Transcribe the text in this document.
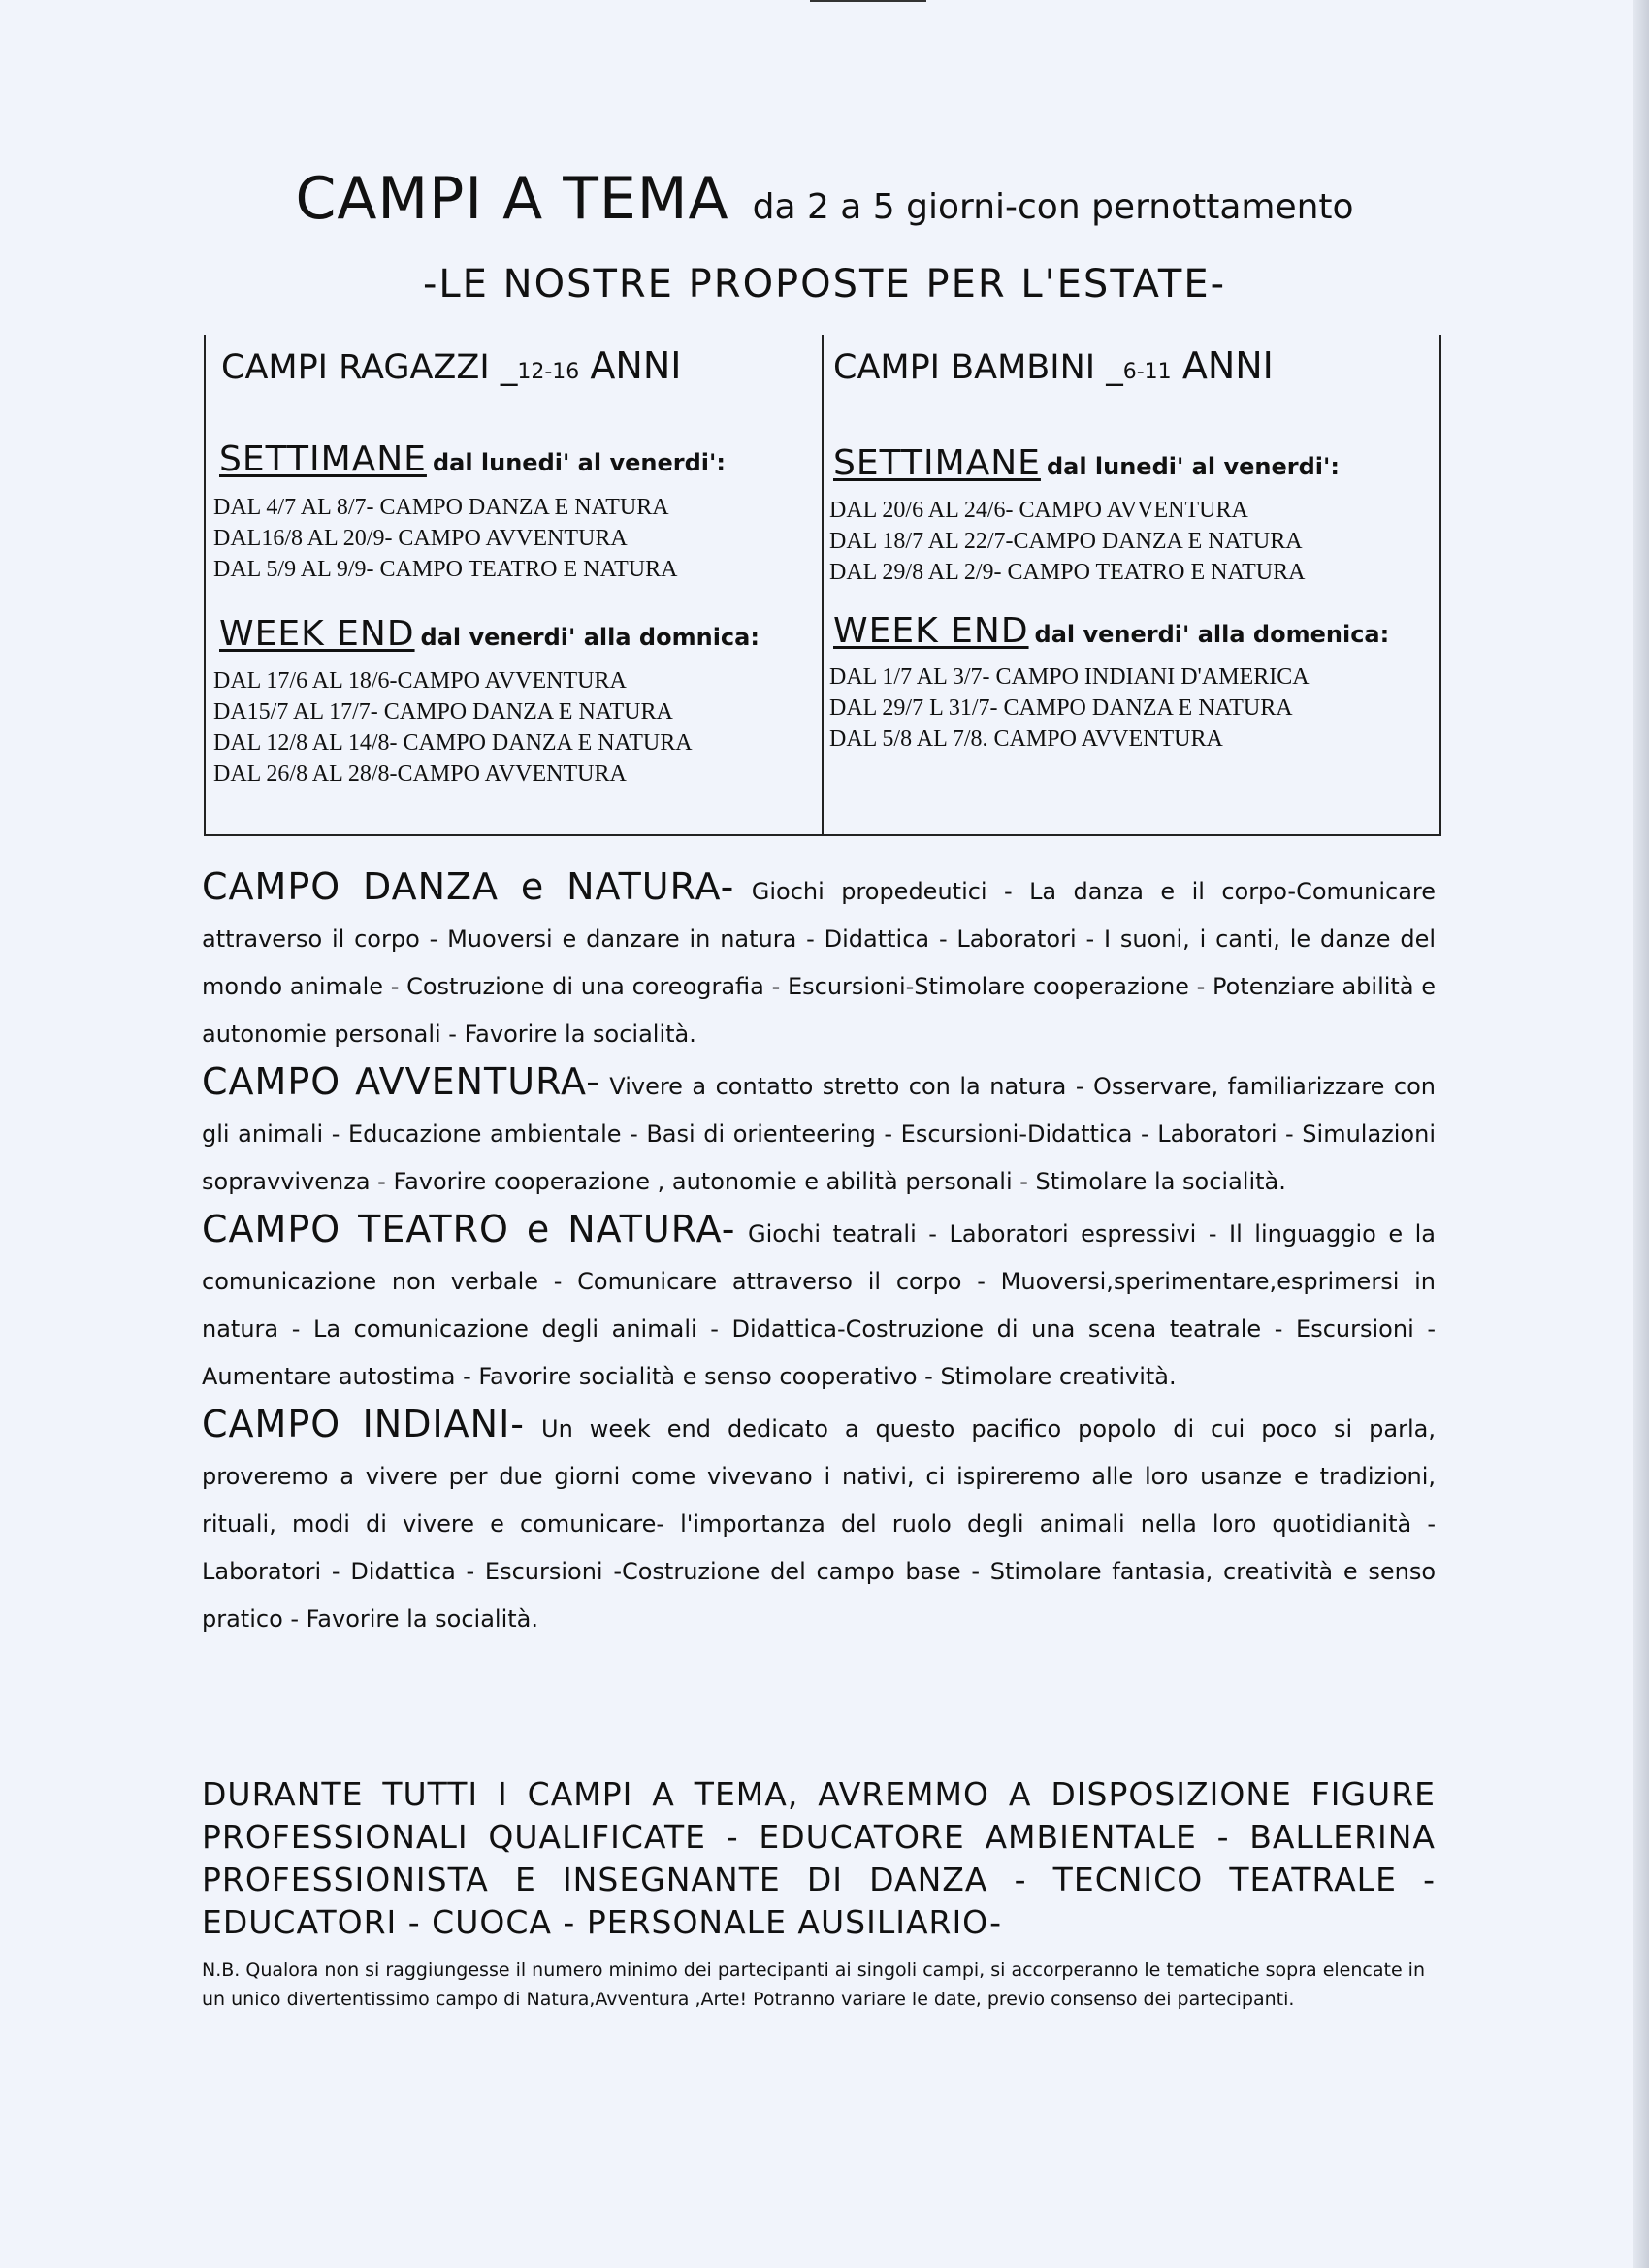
CAMPI A TEMA da 2 a 5 giorni-con pernottamento
-LE NOSTRE PROPOSTE PER L'ESTATE-
CAMPI RAGAZZI _12-16 ANNI
SETTIMANE dal lunedi' al venerdi':
DAL 4/7 AL 8/7- CAMPO DANZA E NATURA
DAL16/8 AL 20/9- CAMPO AVVENTURA
DAL 5/9 AL 9/9- CAMPO TEATRO E NATURA
WEEK END dal venerdi' alla domnica:
DAL 17/6 AL 18/6-CAMPO AVVENTURA
DA15/7 AL 17/7- CAMPO DANZA E NATURA
DAL 12/8 AL 14/8- CAMPO DANZA E NATURA
DAL 26/8 AL 28/8-CAMPO AVVENTURA
CAMPI BAMBINI _6-11 ANNI
SETTIMANE dal lunedi' al venerdi':
DAL 20/6 AL 24/6- CAMPO AVVENTURA
DAL 18/7 AL 22/7-CAMPO DANZA E NATURA
DAL 29/8 AL 2/9- CAMPO TEATRO E NATURA
WEEK END dal venerdi' alla domenica:
DAL 1/7 AL 3/7- CAMPO INDIANI D'AMERICA
DAL 29/7 L 31/7- CAMPO DANZA E NATURA
DAL 5/8 AL 7/8. CAMPO AVVENTURA

CAMPO DANZA e NATURA- Giochi propedeutici - La danza e il corpo-Comunicare attraverso il corpo - Muoversi e danzare in natura - Didattica - Laboratori - I suoni, i canti, le danze del mondo animale - Costruzione di una coreografia - Escursioni-Stimolare cooperazione - Potenziare abilità e autonomie personali - Favorire la socialità.

CAMPO AVVENTURA- Vivere a contatto stretto con la natura - Osservare, familiarizzare con gli animali - Educazione ambientale - Basi di orienteering - Escursioni-Didattica - Laboratori - Simulazioni sopravvivenza - Favorire cooperazione , autonomie e abilità personali - Stimolare la socialità.

CAMPO TEATRO e NATURA- Giochi teatrali - Laboratori espressivi - Il linguaggio e la comunicazione non verbale - Comunicare attraverso il corpo - Muoversi,sperimentare,esprimersi in natura - La comunicazione degli animali - Didattica-Costruzione di una scena teatrale - Escursioni - Aumentare autostima - Favorire socialità e senso cooperativo - Stimolare creatività.

CAMPO INDIANI- Un week end dedicato a questo pacifico popolo di cui poco si parla, proveremo a vivere per due giorni come vivevano i nativi, ci ispireremo alle loro usanze e tradizioni, rituali, modi di vivere e comunicare- l'importanza del ruolo degli animali nella loro quotidianità - Laboratori - Didattica - Escursioni -Costruzione del campo base - Stimolare fantasia, creatività e senso pratico - Favorire la socialità.

DURANTE TUTTI I CAMPI A TEMA, AVREMMO A DISPOSIZIONE FIGURE PROFESSIONALI QUALIFICATE - EDUCATORE AMBIENTALE - BALLERINA PROFESSIONISTA E INSEGNANTE DI DANZA - TECNICO TEATRALE - EDUCATORI - CUOCA - PERSONALE AUSILIARIO-

N.B. Qualora non si raggiungesse il numero minimo dei partecipanti ai singoli campi, si accorperanno le tematiche sopra elencate in un unico divertentissimo campo di Natura,Avventura ,Arte! Potranno variare le date, previo consenso dei partecipanti.
